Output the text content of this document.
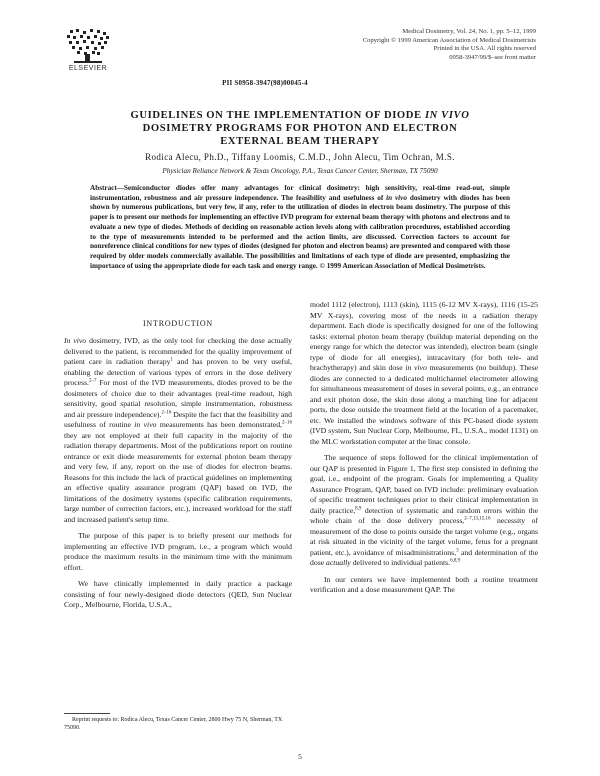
ELSEVIER
Medical Dosimetry, Vol. 24, No. 1, pp. 5–12, 1999
Copyright © 1999 American Association of Medical Dosimetrists
Printed in the USA. All rights reserved
0958-3947/99/$–see front matter
PII S0958-3947(98)00045-4
GUIDELINES ON THE IMPLEMENTATION OF DIODE IN VIVO
DOSIMETRY PROGRAMS FOR PHOTON AND ELECTRON
EXTERNAL BEAM THERAPY
Rodica Alecu, Ph.D., Tiffany Loomis, C.M.D., John Alecu, Tim Ochran, M.S.
Physician Reliance Network & Texas Oncology, P.A., Texas Cancer Center, Sherman, TX 75090
Abstract—Semiconductor diodes offer many advantages for clinical dosimetry: high sensitivity, real-time read-out, simple instrumentation, robustness and air pressure independence. The feasibility and usefulness of in vivo dosimetry with diodes has been shown by numerous publications, but very few, if any, refer to the utilization of diodes in electron beam dosimetry. The purpose of this paper is to present our methods for implementing an effective IVD program for external beam therapy with photons and electrons and to evaluate a new type of diodes. Methods of deciding on reasonable action levels along with calibration procedures, established according to the type of measurements intended to be performed and the action limits, are discussed. Correction factors to account for nonreference clinical conditions for new types of diodes (designed for photon and electron beams) are presented and compared with those required by older models commercially available. The possibilities and limitations of each type of diode are presented, emphasizing the importance of using the appropriate diode for each task and energy range. © 1999 American Association of Medical Dosimetrists.
INTRODUCTION

In vivo dosimetry, IVD, as the only tool for checking the dose actually delivered to the patient, is recommended for the quality improvement of patient care in radiation therapy$^1$ and has proven to be very useful, enabling the detection of various types of errors in the dose delivery process.$^{2-7}$ For most of the IVD measurements, diodes proved to be the dosimeters of choice due to their advantages (real-time readout, high sensitivity, good spatial resolution, simple instrumentation, robustness and air pressure independence).$^{2-16}$ Despite the fact that the feasibility and usefulness of routine in vivo measurements has been demonstrated,$^{2-16}$ they are not employed at their full capacity in the majority of the radiation therapy departments. Most of the publications report on routine entrance or exit diode measurements for external photon beam therapy and very few, if any, report on the use of diodes for electron beams. Reasons for this include the lack of practical guidelines on implementing an effective quality assurance program (QAP) based on IVD, the limitations of the dosimetry systems (specific calibration requirements, large number of correction factors, etc.), increased workload for the staff and increased patient's setup time.

The purpose of this paper is to briefly present our methods for implementing an effective IVD program, i.e., a program which would produce the maximum results in the minimum time with the minimum effort.

We have clinically implemented in daily practice a package consisting of four newly-designed diode detectors (QED, Sun Nuclear Corp., Melbourne, Florida, U.S.A.,

model 1112 (electron), 1113 (skin), 1115 (6-12 MV X-rays), 1116 (15-25 MV X-rays), covering most of the needs in a radiation therapy department. Each diode is specifically designed for one of the following tasks: external photon beam therapy (buildup material depending on the energy range for which the detector was intended), electron beam (single type of diode for all energies), intracavitary (for both tele- and brachytherapy) and skin dose in vivo measurements (no buildup). These diodes are connected to a dedicated multichannel electrometer allowing for simultaneous measurement of doses in several points, e.g., an entrance and exit photon dose, the skin dose along a matching line for adjacent ports, the dose outside the treatment field at the location of a pacemaker, etc. We installed the windows software of this PC-based diode system (IVD system, Sun Nuclear Corp, Melbourne, FL, U.S.A., model 1131) on the MLC workstation computer at the linac console.

The sequence of steps followed for the clinical implementation of our QAP is presented in Figure 1. The first step consisted in defining the goal, i.e., endpoint of the program. Goals for implementing a Quality Assurance Program, QAP, based on IVD include: preliminary evaluation of specific treatment techniques prior to their clinical implementation in daily practice,$^{8,9}$ detection of systematic and random errors within the whole chain of the dose delivery process,$^{2-7,13,15,16}$ necessity of measurement of the dose to points outside the target volume (e.g., organs at risk situated in the vicinity of the target volume, fetus for a pregnant patient, etc.), avoidance of misadministrations,$^3$ and determination of the dose actually delivered to individual patients.$^{6,8,9}$

In our centers we have implemented both a routine treatment verification and a dose measurement QAP. The

Reprint requests to: Rodica Alecu, Texas Cancer Center, 2800 Hwy 75 N, Sherman, TX 75090.
5
